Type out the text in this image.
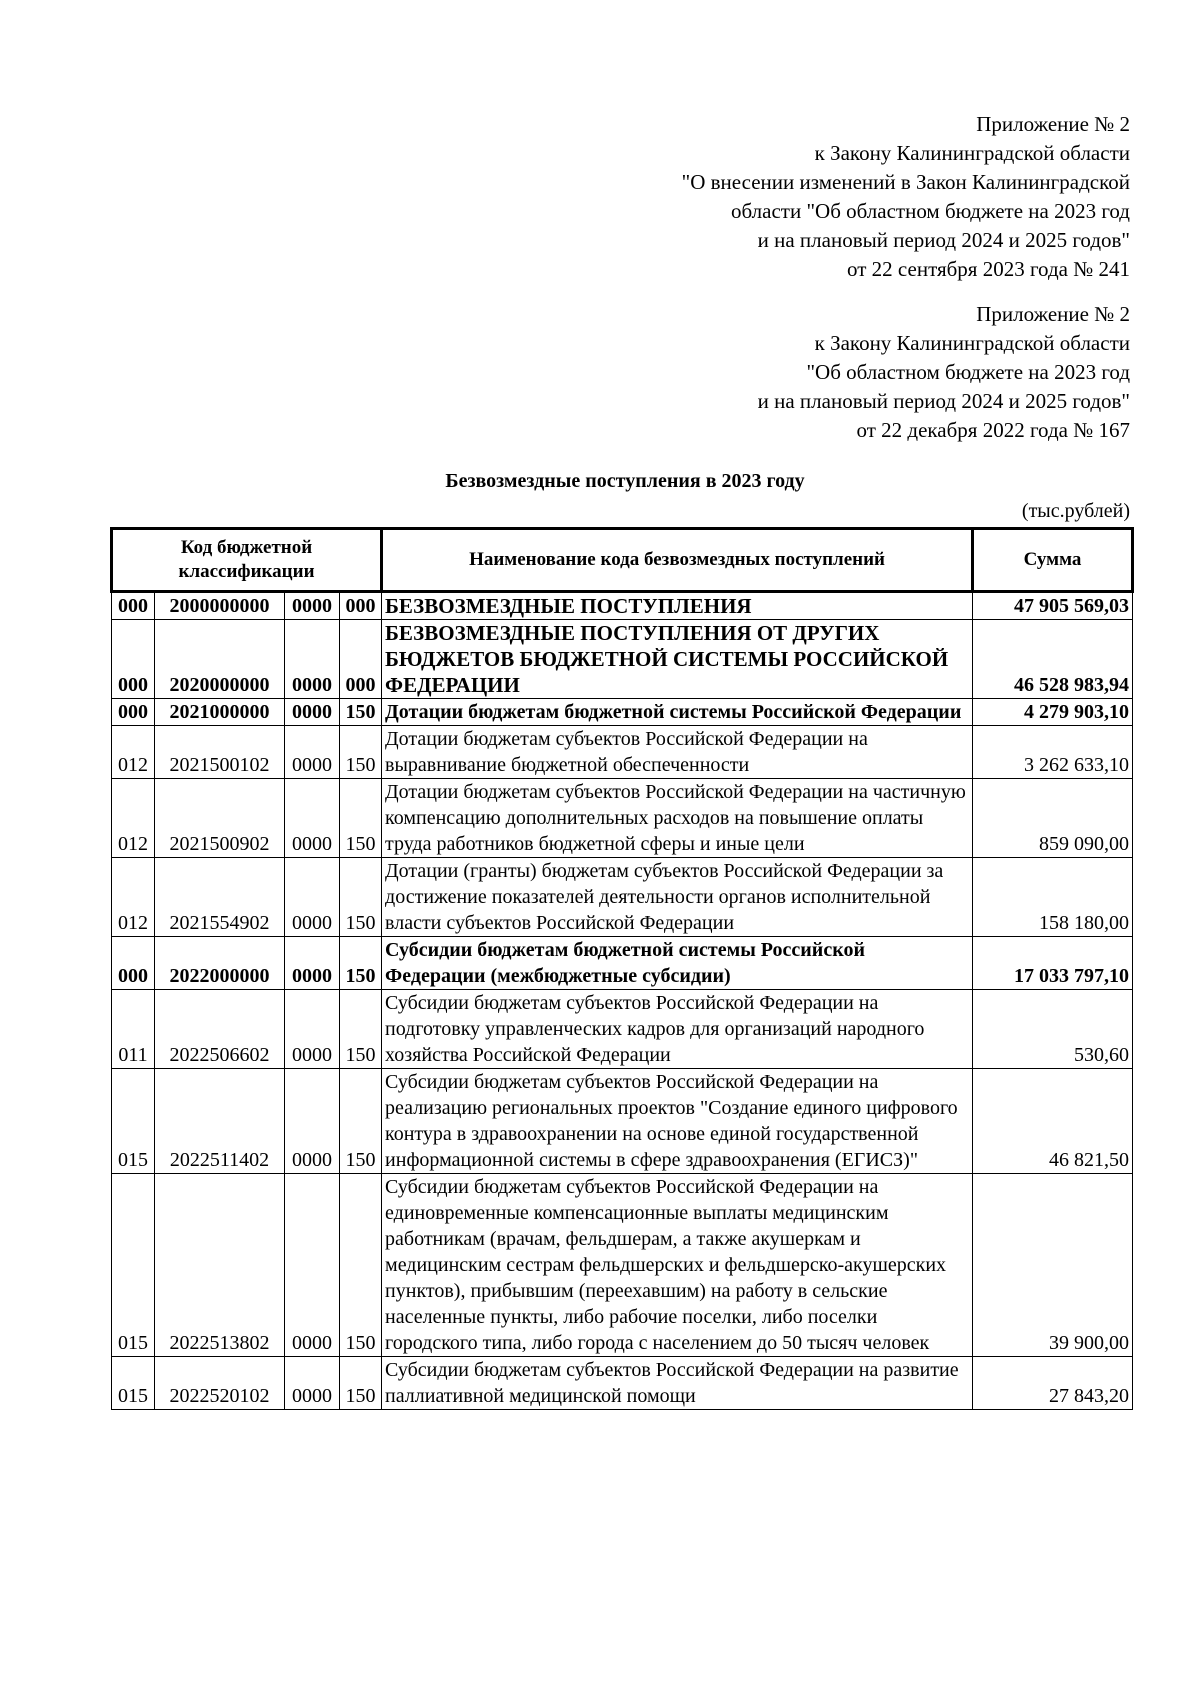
Приложение № 2
к Закону Калининградской области
"О внесении изменений в Закон Калининградской
области "Об областном бюджете на 2023 год
и на плановый период 2024 и 2025 годов"
от 22 сентября 2023 года № 241
Приложение № 2
к Закону Калининградской области
"Об областном бюджете на 2023 год
и на плановый период 2024 и 2025 годов"
от 22 декабря 2022 года № 167
Безвозмездные поступления в 2023 году
(тыс.рублей)
Код бюджетной классификации				Наименование кода безвозмездных поступлений	Сумма
000	2000000000	0000	000	БЕЗВОЗМЕЗДНЫЕ ПОСТУПЛЕНИЯ	47 905 569,03
000	2020000000	0000	000	БЕЗВОЗМЕЗДНЫЕ ПОСТУПЛЕНИЯ ОТ ДРУГИХ БЮДЖЕТОВ БЮДЖЕТНОЙ СИСТЕМЫ РОССИЙСКОЙ ФЕДЕРАЦИИ	46 528 983,94
000	2021000000	0000	150	Дотации бюджетам бюджетной системы Российской Федерации	4 279 903,10
012	2021500102	0000	150	Дотации бюджетам субъектов Российской Федерации на выравнивание бюджетной обеспеченности	3 262 633,10
012	2021500902	0000	150	Дотации бюджетам субъектов Российской Федерации на частичную компенсацию дополнительных расходов на повышение оплаты труда работников бюджетной сферы и иные цели	859 090,00
012	2021554902	0000	150	Дотации (гранты) бюджетам субъектов Российской Федерации за достижение показателей деятельности органов исполнительной власти субъектов Российской Федерации	158 180,00
000	2022000000	0000	150	Субсидии бюджетам бюджетной системы Российской Федерации (межбюджетные субсидии)	17 033 797,10
011	2022506602	0000	150	Субсидии бюджетам субъектов Российской Федерации на подготовку управленческих кадров для организаций народного хозяйства Российской Федерации	530,60
015	2022511402	0000	150	Субсидии бюджетам субъектов Российской Федерации на реализацию региональных проектов "Создание единого цифрового контура в здравоохранении на основе единой государственной информационной системы в сфере здравоохранения (ЕГИСЗ)"	46 821,50
015	2022513802	0000	150	Субсидии бюджетам субъектов Российской Федерации на единовременные компенсационные выплаты медицинским работникам (врачам, фельдшерам, а также акушеркам и медицинским сестрам фельдшерских и фельдшерско-акушерских пунктов), прибывшим (переехавшим) на работу в сельские населенные пункты, либо рабочие поселки, либо поселки городского типа, либо города с населением до 50 тысяч человек	39 900,00
015	2022520102	0000	150	Субсидии бюджетам субъектов Российской Федерации на развитие паллиативной медицинской помощи	27 843,20
